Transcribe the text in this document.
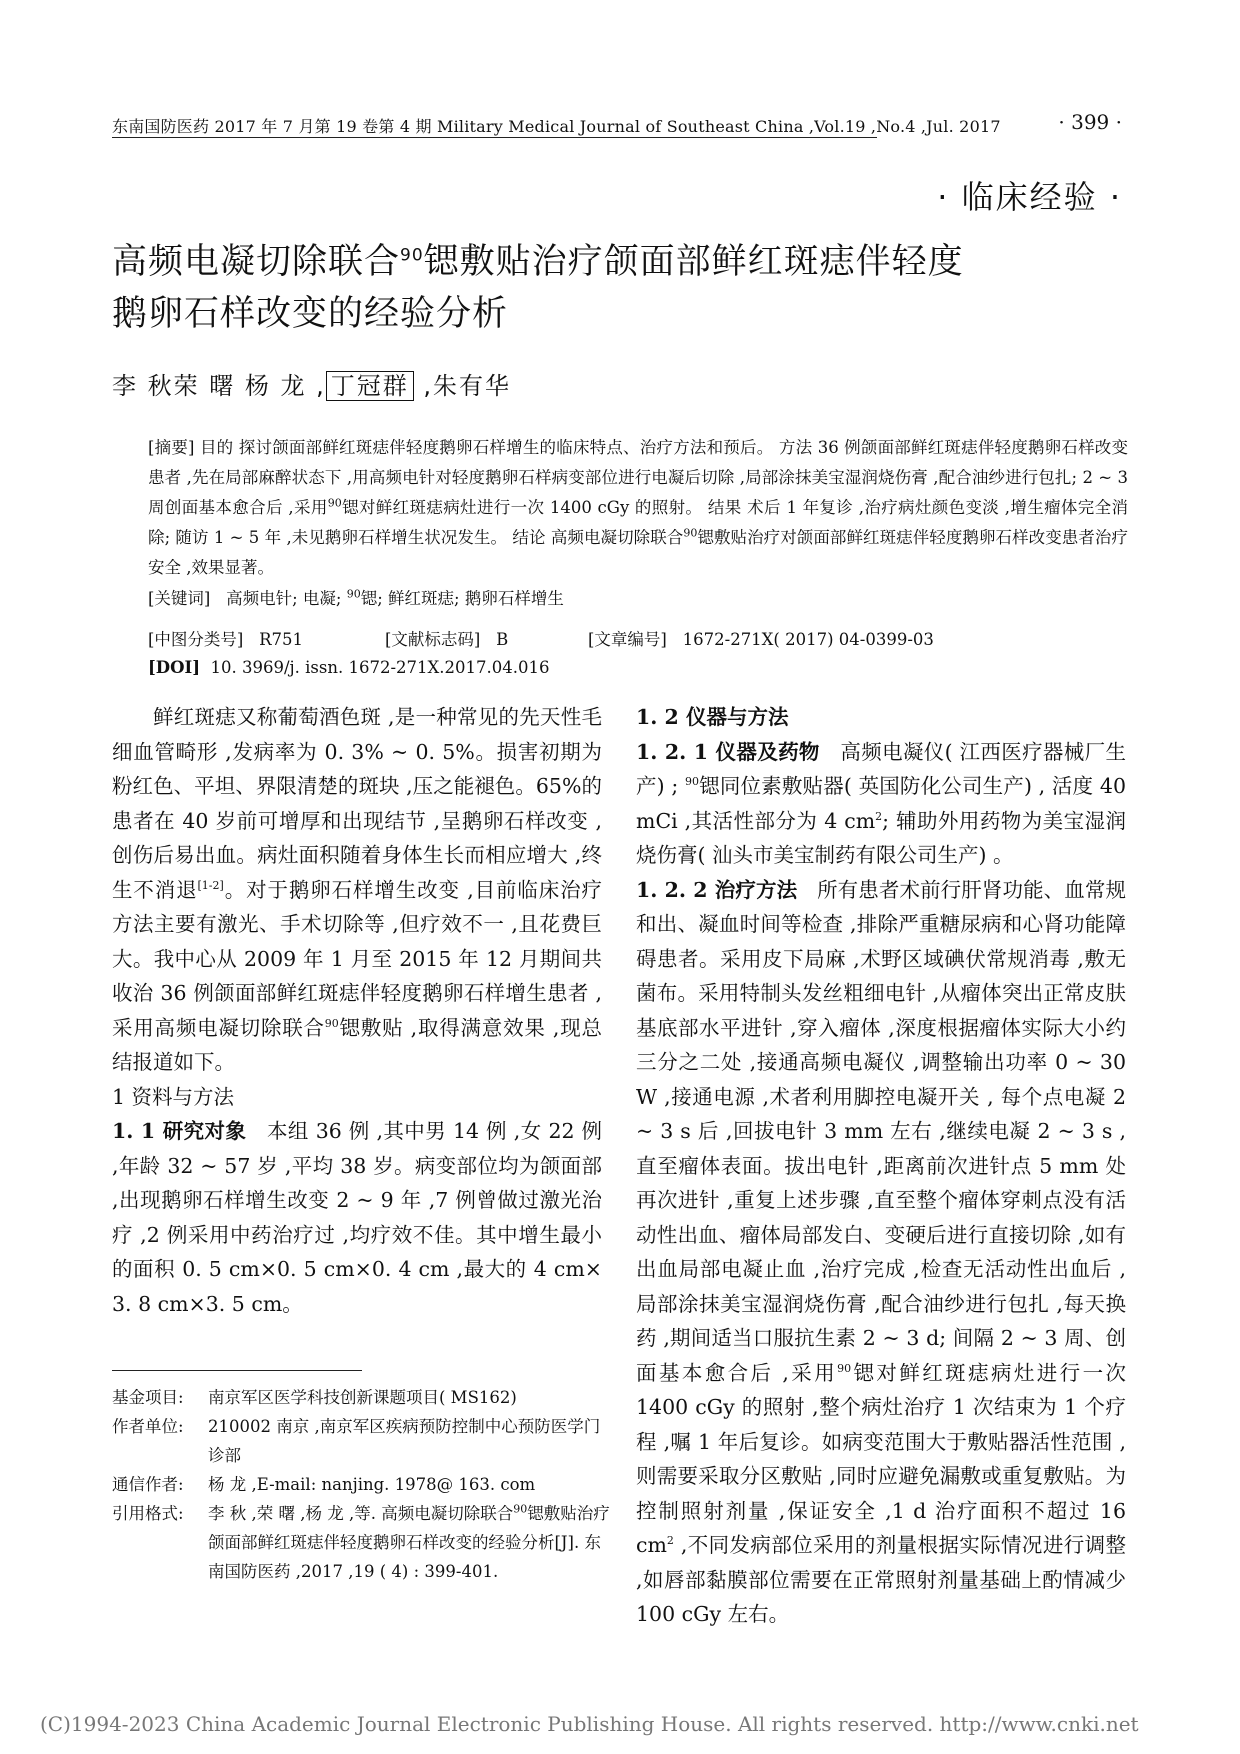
东南国防医药 2017 年 7 月第 19 卷第 4 期 Military Medical Journal of Southeast China ,Vol.19 ,No.4 ,Jul. 2017	· 399 ·
· 临床经验 ·
高频电凝切除联合$^{90}$锶敷贴治疗颌面部鲜红斑痣伴轻度
鹅卵石样改变的经验分析
李 秋荣 曙 杨 龙 , 丁冠群 ,朱有华
[摘要] 目的 探讨颌面部鲜红斑痣伴轻度鹅卵石样增生的临床特点、治疗方法和预后。 方法 36 例颌面部鲜红斑痣伴轻度鹅卵石样改变患者 ,先在局部麻醉状态下 ,用高频电针对轻度鹅卵石样病变部位进行电凝后切除 ,局部涂抹美宝湿润烧伤膏 ,配合油纱进行包扎; 2 ~ 3 周创面基本愈合后 ,采用$^{90}$锶对鲜红斑痣病灶进行一次 1400 cGy 的照射。 结果 术后 1 年复诊 ,治疗病灶颜色变淡 ,增生瘤体完全消除; 随访 1 ~ 5 年 ,未见鹅卵石样增生状况发生。 结论 高频电凝切除联合$^{90}$锶敷贴治疗对颌面部鲜红斑痣伴轻度鹅卵石样改变患者治疗安全 ,效果显著。
[关键词] 高频电针; 电凝; $^{90}$锶; 鲜红斑痣; 鹅卵石样增生
[中图分类号] R751	[文献标志码] B	[文章编号] 1672-271X( 2017) 04-0399-03
[DOI] 10. 3969/j. issn. 1672-271X.2017.04.016

鲜红斑痣又称葡萄酒色斑 ,是一种常见的先天性毛细血管畸形 ,发病率为 0. 3% ~ 0. 5%。损害初期为粉红色、平坦、界限清楚的斑块 ,压之能褪色。65%的患者在 40 岁前可增厚和出现结节 ,呈鹅卵石样改变 ,创伤后易出血。病灶面积随着身体生长而相应增大 ,终生不消退[1-2]。对于鹅卵石样增生改变 ,目前临床治疗方法主要有激光、手术切除等 ,但疗效不一 ,且花费巨大。我中心从 2009 年 1 月至 2015 年 12 月期间共收治 36 例颌面部鲜红斑痣伴轻度鹅卵石样增生患者 ,采用高频电凝切除联合$^{90}$锶敷贴 ,取得满意效果 ,现总结报道如下。

1 资料与方法

1. 1 研究对象 本组 36 例 ,其中男 14 例 ,女 22 例 ,年龄 32 ~ 57 岁 ,平均 38 岁。病变部位均为颌面部 ,出现鹅卵石样增生改变 2 ~ 9 年 ,7 例曾做过激光治疗 ,2 例采用中药治疗过 ,均疗效不佳。其中增生最小的面积 0. 5 cm×0. 5 cm×0. 4 cm ,最大的 4 cm× 3. 8 cm×3. 5 cm。

基金项目:	南京军区医学科技创新课题项目( MS162)
作者单位:	210002 南京 ,南京军区疾病预防控制中心预防医学门诊部
通信作者:	杨 龙 ,E-mail: nanjing. 1978@ 163. com
引用格式:	李 秋 ,荣 曙 ,杨 龙 ,等. 高频电凝切除联合$^{90}$锶敷贴治疗颌面部鲜红斑痣伴轻度鹅卵石样改变的经验分析[J]. 东南国防医药 ,2017 ,19 ( 4) : 399-401.

1. 2 仪器与方法

1. 2. 1 仪器及药物 高频电凝仪( 江西医疗器械厂生产) ; $^{90}$锶同位素敷贴器( 英国防化公司生产) , 活度 40 mCi ,其活性部分为 4 $cm^2$; 辅助外用药物为美宝湿润烧伤膏( 汕头市美宝制药有限公司生产) 。

1. 2. 2 治疗方法 所有患者术前行肝肾功能、血常规和出、凝血时间等检查 ,排除严重糖尿病和心肾功能障碍患者。采用皮下局麻 ,术野区域碘伏常规消毒 ,敷无菌布。采用特制头发丝粗细电针 ,从瘤体突出正常皮肤基底部水平进针 ,穿入瘤体 ,深度根据瘤体实际大小约三分之二处 ,接通高频电凝仪 ,调整输出功率 0 ~ 30 W ,接通电源 ,术者利用脚控电凝开关 , 每个点电凝 2 ~ 3 s 后 ,回拔电针 3 mm 左右 ,继续电凝 2 ~ 3 s ,直至瘤体表面。拔出电针 ,距离前次进针点 5 mm 处再次进针 ,重复上述步骤 ,直至整个瘤体穿刺点没有活动性出血、瘤体局部发白、变硬后进行直接切除 ,如有出血局部电凝止血 ,治疗完成 ,检查无活动性出血后 ,局部涂抹美宝湿润烧伤膏 ,配合油纱进行包扎 ,每天换药 ,期间适当口服抗生素 2 ~ 3 d; 间隔 2 ~ 3 周、创面基本愈合后 ,采用$^{90}$锶对鲜红斑痣病灶进行一次 1400 cGy 的照射 ,整个病灶治疗 1 次结束为 1 个疗程 ,嘱 1 年后复诊。如病变范围大于敷贴器活性范围 ,则需要采取分区敷贴 ,同时应避免漏敷或重复敷贴。为控制照射剂量 ,保证安全 ,1 d 治疗面积不超过 16 $cm^2$ ,不同发病部位采用的剂量根据实际情况进行调整 ,如唇部黏膜部位需要在正常照射剂量基础上酌情减少 100 cGy 左右。

(C)1994-2023 China Academic Journal Electronic Publishing House. All rights reserved. http://www.cnki.net
